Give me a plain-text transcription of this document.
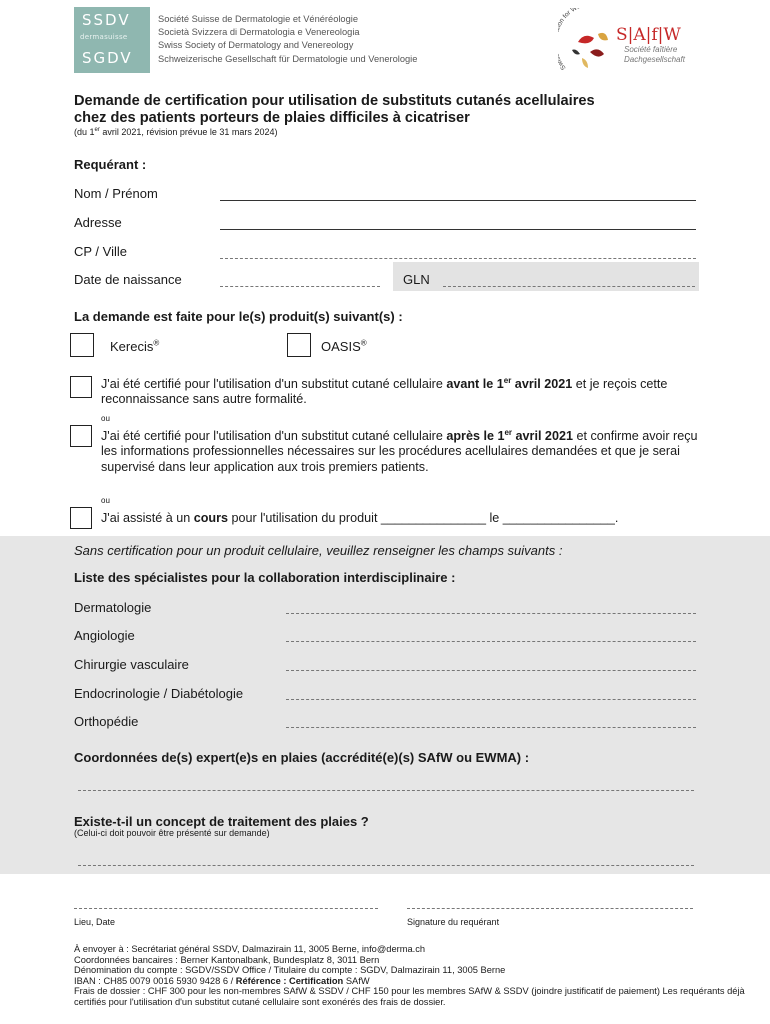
SSDV
dermasuisse
SGDV
Société Suisse de Dermatologie et Vénéréologie
Società Svizzera di Dermatologia e Venereologia
Swiss Society of Dermatology and Venereology
Schweizerische Gesellschaft für Dermatologie und Venerologie
S n for W
S|A|f|W
Société faîtière
Dachgesellschaft
Demande de certification pour utilisation de substituts cutanés acellulaires
chez des patients porteurs de plaies difficiles à cicatriser
(du 1er avril 2021, révision prévue le 31 mars 2024)
Requérant :
Nom / Prénom
Adresse
CP / Ville
Date de naissance	GLN
La demande est faite pour le(s) produit(s) suivant(s) :
Kerecis®	OASIS®
J'ai été certifié pour l'utilisation d'un substitut cutané cellulaire avant le 1er avril 2021 et je reçois cette reconnaissance sans autre formalité.
ou
J'ai été certifié pour l'utilisation d'un substitut cutané cellulaire après le 1er avril 2021 et confirme avoir reçu les informations professionnelles nécessaires sur les procédures acellulaires demandées et que je serai supervisé dans leur application aux trois premiers patients.
ou
J'ai assisté à un cours pour l'utilisation du produit _______________ le ________________.
Sans certification pour un produit cellulaire, veuillez renseigner les champs suivants :
Liste des spécialistes pour la collaboration interdisciplinaire :
Dermatologie
Angiologie
Chirurgie vasculaire
Endocrinologie / Diabétologie
Orthopédie
Coordonnées de(s) expert(e)s en plaies (accrédité(e)(s) SAfW ou EWMA) :
Existe-t-il un concept de traitement des plaies ?
(Celui-ci doit pouvoir être présenté sur demande)
Lieu, Date	Signature du requérant
À envoyer à : Secrétariat général SSDV, Dalmazirain 11, 3005 Berne, info@derma.ch
Coordonnées bancaires : Berner Kantonalbank, Bundesplatz 8, 3011 Bern
Dénomination du compte : SGDV/SSDV Office / Titulaire du compte : SGDV, Dalmazirain 11, 3005 Berne
IBAN : CH85 0079 0016 5930 9428 6 / Référence : Certification SAfW
Frais de dossier : CHF 300 pour les non-membres SAfW & SSDV / CHF 150 pour les membres SAfW & SSDV (joindre justificatif de paiement) Les requérants déjà certifiés pour l'utilisation d'un substitut cutané cellulaire sont exonérés des frais de dossier.
